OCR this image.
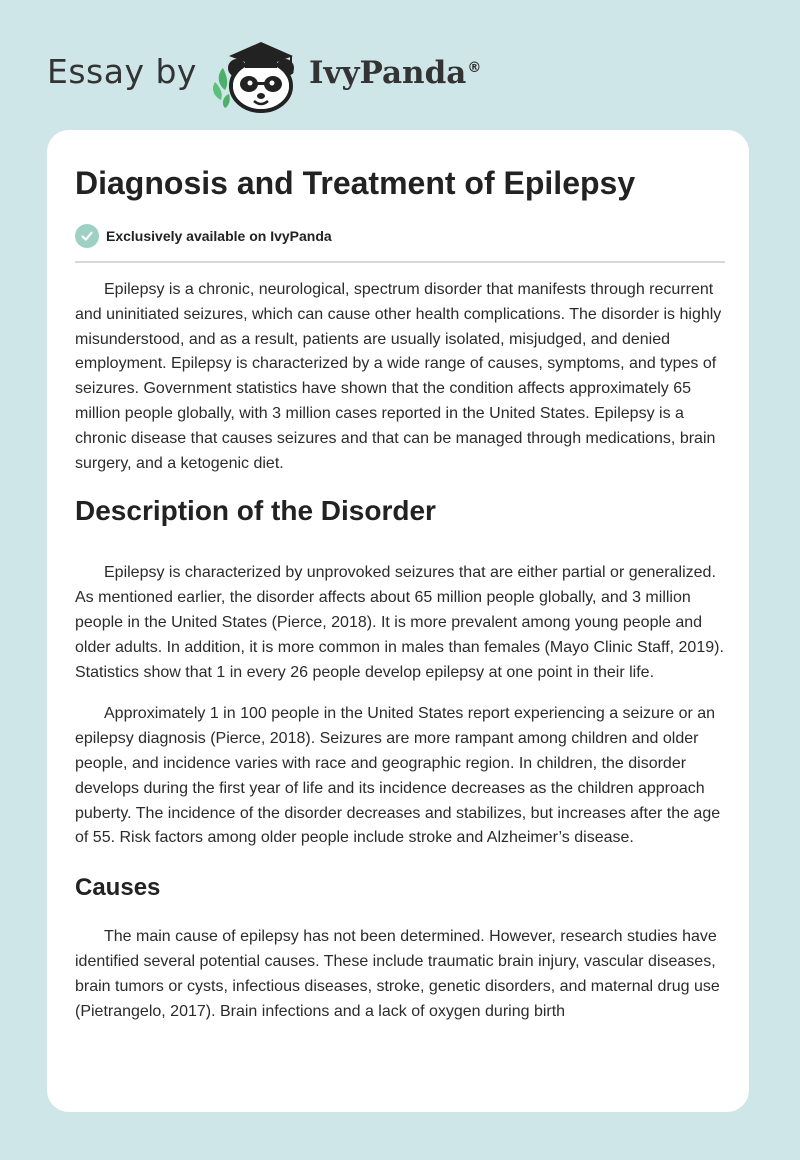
Essay by	IvyPanda®
Diagnosis and Treatment of Epilepsy
Exclusively available on IvyPanda

Epilepsy is a chronic, neurological, spectrum disorder that manifests through recurrent and uninitiated seizures, which can cause other health complications. The disorder is highly misunderstood, and as a result, patients are usually isolated, misjudged, and denied employment. Epilepsy is characterized by a wide range of causes, symptoms, and types of seizures. Government statistics have shown that the condition affects approximately 65 million people globally, with 3 million cases reported in the United States. Epilepsy is a chronic disease that causes seizures and that can be managed through medications, brain surgery, and a ketogenic diet.

Description of the Disorder

Epilepsy is characterized by unprovoked seizures that are either partial or generalized. As mentioned earlier, the disorder affects about 65 million people globally, and 3 million people in the United States (Pierce, 2018). It is more prevalent among young people and older adults. In addition, it is more common in males than females (Mayo Clinic Staff, 2019). Statistics show that 1 in every 26 people develop epilepsy at one point in their life.

Approximately 1 in 100 people in the United States report experiencing a seizure or an epilepsy diagnosis (Pierce, 2018). Seizures are more rampant among children and older people, and incidence varies with race and geographic region. In children, the disorder develops during the first year of life and its incidence decreases as the children approach puberty. The incidence of the disorder decreases and stabilizes, but increases after the age of 55. Risk factors among older people include stroke and Alzheimer’s disease.

Causes

The main cause of epilepsy has not been determined. However, research studies have identified several potential causes. These include traumatic brain injury, vascular diseases, brain tumors or cysts, infectious diseases, stroke, genetic disorders, and maternal drug use (Pietrangelo, 2017). Brain infections and a lack of oxygen during birth
